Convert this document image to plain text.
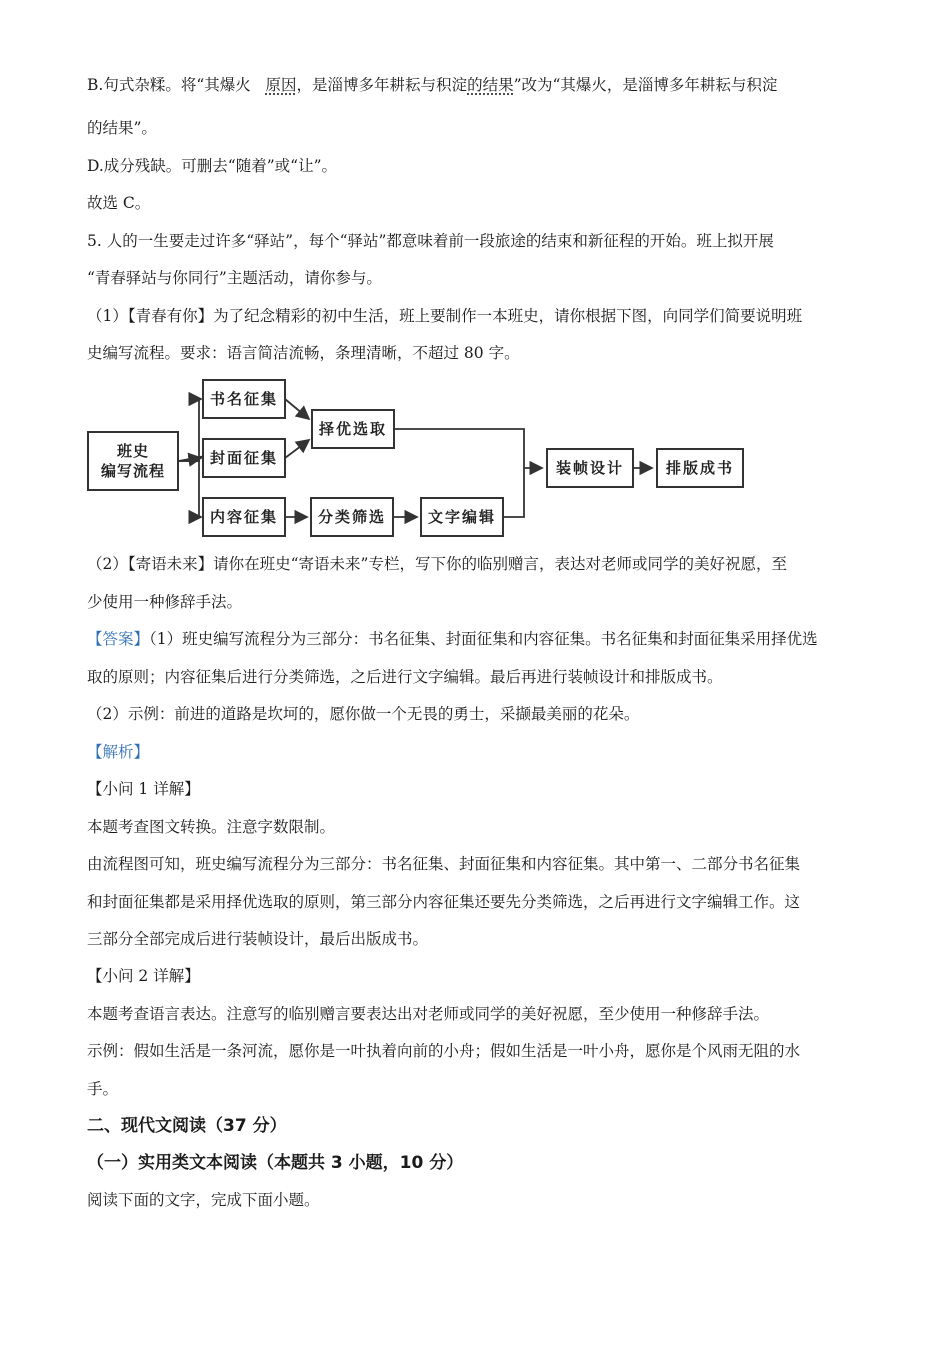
B.句式杂糅。将“其爆火 原因，是淄博多年耕耘与积淀的结果”改为“其爆火，是淄博多年耕耘与积淀
的结果”。
D.成分残缺。可删去“随着”或“让”。
故选 C。
5. 人的一生要走过许多“驿站”，每个“驿站”都意味着前一段旅途的结束和新征程的开始。班上拟开展
“青春驿站与你同行”主题活动，请你参与。
（1）【青春有你】为了纪念精彩的初中生活，班上要制作一本班史，请你根据下图，向同学们简要说明班
史编写流程。要求：语言简洁流畅，条理清晰，不超过 80 字。
班史
编写流程
书名征集
封面征集
内容征集
择优选取
分类筛选	文字编辑
装帧设计	排版成书
（2）【寄语未来】请你在班史“寄语未来”专栏，写下你的临别赠言，表达对老师或同学的美好祝愿，至
少使用一种修辞手法。
【答案】（1）班史编写流程分为三部分：书名征集、封面征集和内容征集。书名征集和封面征集采用择优选
取的原则；内容征集后进行分类筛选，之后进行文字编辑。最后再进行装帧设计和排版成书。
（2）示例：前进的道路是坎坷的，愿你做一个无畏的勇士，采撷最美丽的花朵。
【解析】
【小问 1 详解】
本题考查图文转换。注意字数限制。
由流程图可知，班史编写流程分为三部分：书名征集、封面征集和内容征集。其中第一、二部分书名征集
和封面征集都是采用择优选取的原则，第三部分内容征集还要先分类筛选，之后再进行文字编辑工作。这
三部分全部完成后进行装帧设计，最后出版成书。
【小问 2 详解】
本题考查语言表达。注意写的临别赠言要表达出对老师或同学的美好祝愿，至少使用一种修辞手法。
示例：假如生活是一条河流，愿你是一叶执着向前的小舟；假如生活是一叶小舟，愿你是个风雨无阻的水
手。
二、现代文阅读（37 分）
（一）实用类文本阅读（本题共 3 小题，10 分）
阅读下面的文字，完成下面小题。
